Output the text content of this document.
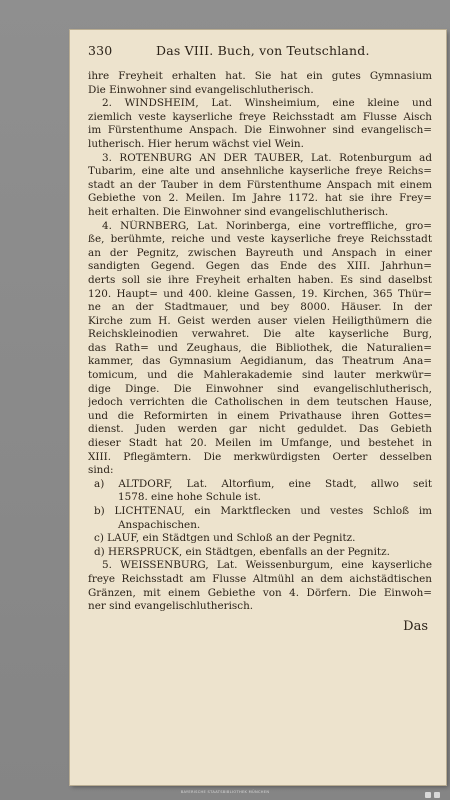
330	Das VIII. Buch, von Teutschland.
ihre Freyheit erhalten hat. Sie hat ein gutes Gymnasium
Die Einwohner sind evangelischlutherisch.
2. WINDSHEIM, Lat. Winsheimium, eine kleine und
ziemlich veste kayserliche freye Reichsstadt am Flusse Aisch
im Fürstenthume Anspach. Die Einwohner sind evangelisch=
lutherisch. Hier herum wächst viel Wein.
3. ROTENBURG AN DER TAUBER, Lat. Rotenburgum ad
Tubarim, eine alte und ansehnliche kayserliche freye Reichs=
stadt an der Tauber in dem Fürstenthume Anspach mit einem
Gebiethe von 2. Meilen. Im Jahre 1172. hat sie ihre Frey=
heit erhalten. Die Einwohner sind evangelischlutherisch.
4. NÜRNBERG, Lat. Norinberga, eine vortreffliche, gro=
ße, berühmte, reiche und veste kayserliche freye Reichsstadt
an der Pegnitz, zwischen Bayreuth und Anspach in einer
sandigten Gegend. Gegen das Ende des XIII. Jahrhun=
derts soll sie ihre Freyheit erhalten haben. Es sind daselbst
120. Haupt= und 400. kleine Gassen, 19. Kirchen, 365 Thür=
ne an der Stadtmauer, und bey 8000. Häuser. In der
Kirche zum H. Geist werden auser vielen Heiligthümern die
Reichskleinodien verwahret. Die alte kayserliche Burg,
das Rath= und Zeughaus, die Bibliothek, die Naturalien=
kammer, das Gymnasium Aegidianum, das Theatrum Ana=
tomicum, und die Mahlerakademie sind lauter merkwür=
dige Dinge. Die Einwohner sind evangelischlutherisch,
jedoch verrichten die Catholischen in dem teutschen Hause,
und die Reformirten in einem Privathause ihren Gottes=
dienst. Juden werden gar nicht geduldet. Das Gebieth
dieser Stadt hat 20. Meilen im Umfange, und bestehet in
XIII. Pflegämtern. Die merkwürdigsten Oerter desselben
sind:
a) ALTDORF, Lat. Altorfium, eine Stadt, allwo seit
1578. eine hohe Schule ist.
b) LICHTENAU, ein Marktflecken und vestes Schloß im
Anspachischen.
c) LAUF, ein Städtgen und Schloß an der Pegnitz.
d) HERSPRUCK, ein Städtgen, ebenfalls an der Pegnitz.
5. WEISSENBURG, Lat. Weissenburgum, eine kayserliche
freye Reichsstadt am Flusse Altmühl an dem aichstädtischen
Gränzen, mit einem Gebiethe von 4. Dörfern. Die Einwoh=
ner sind evangelischlutherisch.
Das
BAYERISCHE STAATSBIBLIOTHEK MÜNCHEN
